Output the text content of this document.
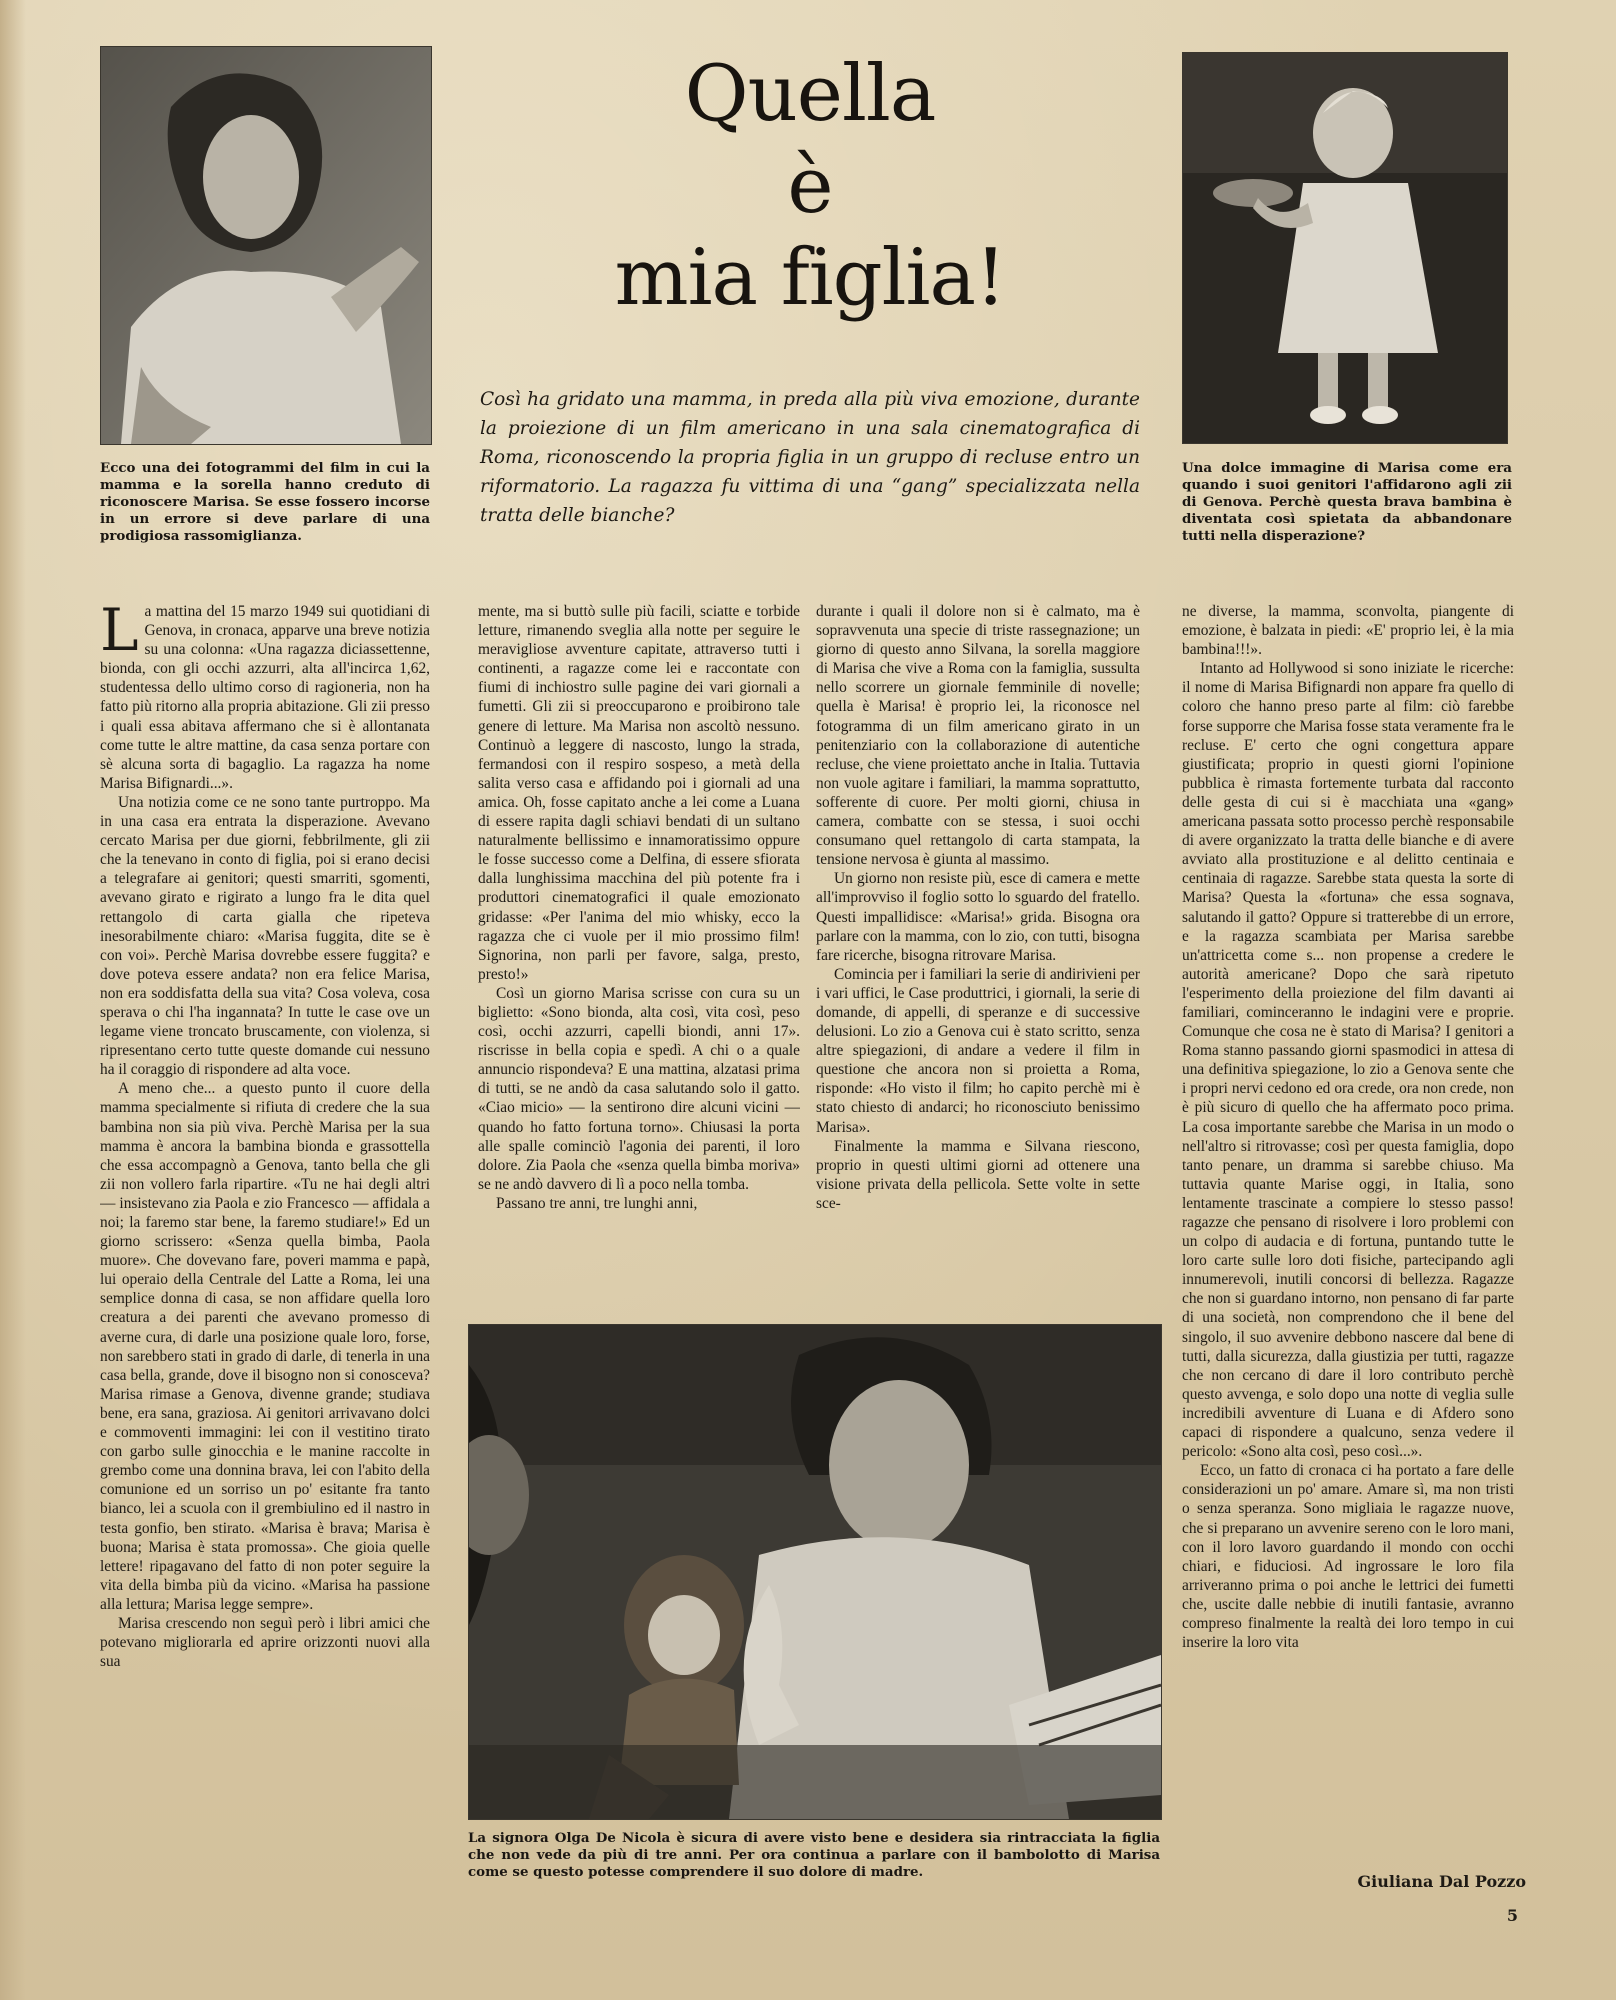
Quella
è
mia figlia!
Così ha gridato una mamma, in preda alla più viva emozione, durante la proiezione di un film americano in una sala cinematografica di Roma, riconoscendo la propria figlia in un gruppo di recluse entro un riformatorio. La ragazza fu vittima di una “gang” specializzata nella tratta delle bianche?
Ecco una dei fotogrammi del film in cui la mamma e la sorella hanno creduto di riconoscere Marisa. Se esse fossero incorse in un errore si deve parlare di una prodigiosa rassomiglianza.
Una dolce immagine di Marisa come era quando i suoi genitori l'affidarono agli zii di Genova. Perchè questa brava bambina è diventata così spietata da abbandonare tutti nella disperazione?

La mattina del 15 marzo 1949 sui quotidiani di Genova, in cronaca, apparve una breve notizia su una colonna: «Una ragazza diciassettenne, bionda, con gli occhi azzurri, alta all'incirca 1,62, studentessa dello ultimo corso di ragioneria, non ha fatto più ritorno alla propria abitazione. Gli zii presso i quali essa abitava affermano che si è allontanata come tutte le altre mattine, da casa senza portare con sè alcuna sorta di bagaglio. La ragazza ha nome Marisa Bifignardi...».

Una notizia come ce ne sono tante purtroppo. Ma in una casa era entrata la disperazione. Avevano cercato Marisa per due giorni, febbrilmente, gli zii che la tenevano in conto di figlia, poi si erano decisi a telegrafare ai genitori; questi smarriti, sgomenti, avevano girato e rigirato a lungo fra le dita quel rettangolo di carta gialla che ripeteva inesorabilmente chiaro: «Marisa fuggita, dite se è con voi». Perchè Marisa dovrebbe essere fuggita? e dove poteva essere andata? non era felice Marisa, non era soddisfatta della sua vita? Cosa voleva, cosa sperava o chi l'ha ingannata? In tutte le case ove un legame viene troncato bruscamente, con violenza, si ripresentano certo tutte queste domande cui nessuno ha il coraggio di rispondere ad alta voce.

A meno che... a questo punto il cuore della mamma specialmente si rifiuta di credere che la sua bambina non sia più viva. Perchè Marisa per la sua mamma è ancora la bambina bionda e grassottella che essa accompagnò a Genova, tanto bella che gli zii non vollero farla ripartire. «Tu ne hai degli altri — insistevano zia Paola e zio Francesco — affidala a noi; la faremo star bene, la faremo studiare!» Ed un giorno scrissero: «Senza quella bimba, Paola muore». Che dovevano fare, poveri mamma e papà, lui operaio della Centrale del Latte a Roma, lei una semplice donna di casa, se non affidare quella loro creatura a dei parenti che avevano promesso di averne cura, di darle una posizione quale loro, forse, non sarebbero stati in grado di darle, di tenerla in una casa bella, grande, dove il bisogno non si conosceva? Marisa rimase a Genova, divenne grande; studiava bene, era sana, graziosa. Ai genitori arrivavano dolci e commoventi immagini: lei con il vestitino tirato con garbo sulle ginocchia e le manine raccolte in grembo come una donnina brava, lei con l'abito della comunione ed un sorriso un po' esitante fra tanto bianco, lei a scuola con il grembiulino ed il nastro in testa gonfio, ben stirato. «Marisa è brava; Marisa è buona; Marisa è stata promossa». Che gioia quelle lettere! ripagavano del fatto di non poter seguire la vita della bimba più da vicino. «Marisa ha passione alla lettura; Marisa legge sempre».

Marisa crescendo non seguì però i libri amici che potevano migliorarla ed aprire orizzonti nuovi alla sua

mente, ma si buttò sulle più facili, sciatte e torbide letture, rimanendo sveglia alla notte per seguire le meravigliose avventure capitate, attraverso tutti i continenti, a ragazze come lei e raccontate con fiumi di inchiostro sulle pagine dei vari giornali a fumetti. Gli zii si preoccuparono e proibirono tale genere di letture. Ma Marisa non ascoltò nessuno. Continuò a leggere di nascosto, lungo la strada, fermandosi con il respiro sospeso, a metà della salita verso casa e affidando poi i giornali ad una amica. Oh, fosse capitato anche a lei come a Luana di essere rapita dagli schiavi bendati di un sultano naturalmente bellissimo e innamoratissimo oppure le fosse successo come a Delfina, di essere sfiorata dalla lunghissima macchina del più potente fra i produttori cinematografici il quale emozionato gridasse: «Per l'anima del mio whisky, ecco la ragazza che ci vuole per il mio prossimo film! Signorina, non parli per favore, salga, presto, presto!»

Così un giorno Marisa scrisse con cura su un biglietto: «Sono bionda, alta così, vita così, peso così, occhi azzurri, capelli biondi, anni 17». riscrisse in bella copia e spedì. A chi o a quale annuncio rispondeva? E una mattina, alzatasi prima di tutti, se ne andò da casa salutando solo il gatto. «Ciao micio» — la sentirono dire alcuni vicini — quando ho fatto fortuna torno». Chiusasi la porta alle spalle cominciò l'agonia dei parenti, il loro dolore. Zia Paola che «senza quella bimba moriva» se ne andò davvero di lì a poco nella tomba.

Passano tre anni, tre lunghi anni,

durante i quali il dolore non si è calmato, ma è sopravvenuta una specie di triste rassegnazione; un giorno di questo anno Silvana, la sorella maggiore di Marisa che vive a Roma con la famiglia, sussulta nello scorrere un giornale femminile di novelle; quella è Marisa! è proprio lei, la riconosce nel fotogramma di un film americano girato in un penitenziario con la collaborazione di autentiche recluse, che viene proiettato anche in Italia. Tuttavia non vuole agitare i familiari, la mamma soprattutto, sofferente di cuore. Per molti giorni, chiusa in camera, combatte con se stessa, i suoi occhi consumano quel rettangolo di carta stampata, la tensione nervosa è giunta al massimo.

Un giorno non resiste più, esce di camera e mette all'improvviso il foglio sotto lo sguardo del fratello. Questi impallidisce: «Marisa!» grida. Bisogna ora parlare con la mamma, con lo zio, con tutti, bisogna fare ricerche, bisogna ritrovare Marisa.

Comincia per i familiari la serie di andirivieni per i vari uffici, le Case produttrici, i giornali, la serie di domande, di appelli, di speranze e di successive delusioni. Lo zio a Genova cui è stato scritto, senza altre spiegazioni, di andare a vedere il film in questione che ancora non si proietta a Roma, risponde: «Ho visto il film; ho capito perchè mi è stato chiesto di andarci; ho riconosciuto benissimo Marisa».

Finalmente la mamma e Silvana riescono, proprio in questi ultimi giorni ad ottenere una visione privata della pellicola. Sette volte in sette sce-

ne diverse, la mamma, sconvolta, piangente di emozione, è balzata in piedi: «E' proprio lei, è la mia bambina!!!».

Intanto ad Hollywood si sono iniziate le ricerche: il nome di Marisa Bifignardi non appare fra quello di coloro che hanno preso parte al film: ciò farebbe forse supporre che Marisa fosse stata veramente fra le recluse. E' certo che ogni congettura appare giustificata; proprio in questi giorni l'opinione pubblica è rimasta fortemente turbata dal racconto delle gesta di cui si è macchiata una «gang» americana passata sotto processo perchè responsabile di avere organizzato la tratta delle bianche e di avere avviato alla prostituzione e al delitto centinaia e centinaia di ragazze. Sarebbe stata questa la sorte di Marisa? Questa la «fortuna» che essa sognava, salutando il gatto? Oppure si tratterebbe di un errore, e la ragazza scambiata per Marisa sarebbe un'attricetta come s... non propense a credere le autorità americane? Dopo che sarà ripetuto l'esperimento della proiezione del film davanti ai familiari, cominceranno le indagini vere e proprie. Comunque che cosa ne è stato di Marisa? I genitori a Roma stanno passando giorni spasmodici in attesa di una definitiva spiegazione, lo zio a Genova sente che i propri nervi cedono ed ora crede, ora non crede, non è più sicuro di quello che ha affermato poco prima. La cosa importante sarebbe che Marisa in un modo o nell'altro si ritrovasse; così per questa famiglia, dopo tanto penare, un dramma si sarebbe chiuso. Ma tuttavia quante Marise oggi, in Italia, sono lentamente trascinate a compiere lo stesso passo! ragazze che pensano di risolvere i loro problemi con un colpo di audacia e di fortuna, puntando tutte le loro carte sulle loro doti fisiche, partecipando agli innumerevoli, inutili concorsi di bellezza. Ragazze che non si guardano intorno, non pensano di far parte di una società, non comprendono che il bene del singolo, il suo avvenire debbono nascere dal bene di tutti, dalla sicurezza, dalla giustizia per tutti, ragazze che non cercano di dare il loro contributo perchè questo avvenga, e solo dopo una notte di veglia sulle incredibili avventure di Luana e di Afdero sono capaci di rispondere a qualcuno, senza vedere il pericolo: «Sono alta così, peso così...».

Ecco, un fatto di cronaca ci ha portato a fare delle considerazioni un po' amare. Amare sì, ma non tristi o senza speranza. Sono migliaia le ragazze nuove, che si preparano un avvenire sereno con le loro mani, con il loro lavoro guardando il mondo con occhi chiari, e fiduciosi. Ad ingrossare le loro fila arriveranno prima o poi anche le lettrici dei fumetti che, uscite dalle nebbie di inutili fantasie, avranno compreso finalmente la realtà dei loro tempo in cui inserire la loro vita

La signora Olga De Nicola è sicura di avere visto bene e desidera sia rintracciata la figlia che non vede da più di tre anni. Per ora continua a parlare con il bambolotto di Marisa come se questo potesse comprendere il suo dolore di madre.	Giuliana Dal Pozzo
5
